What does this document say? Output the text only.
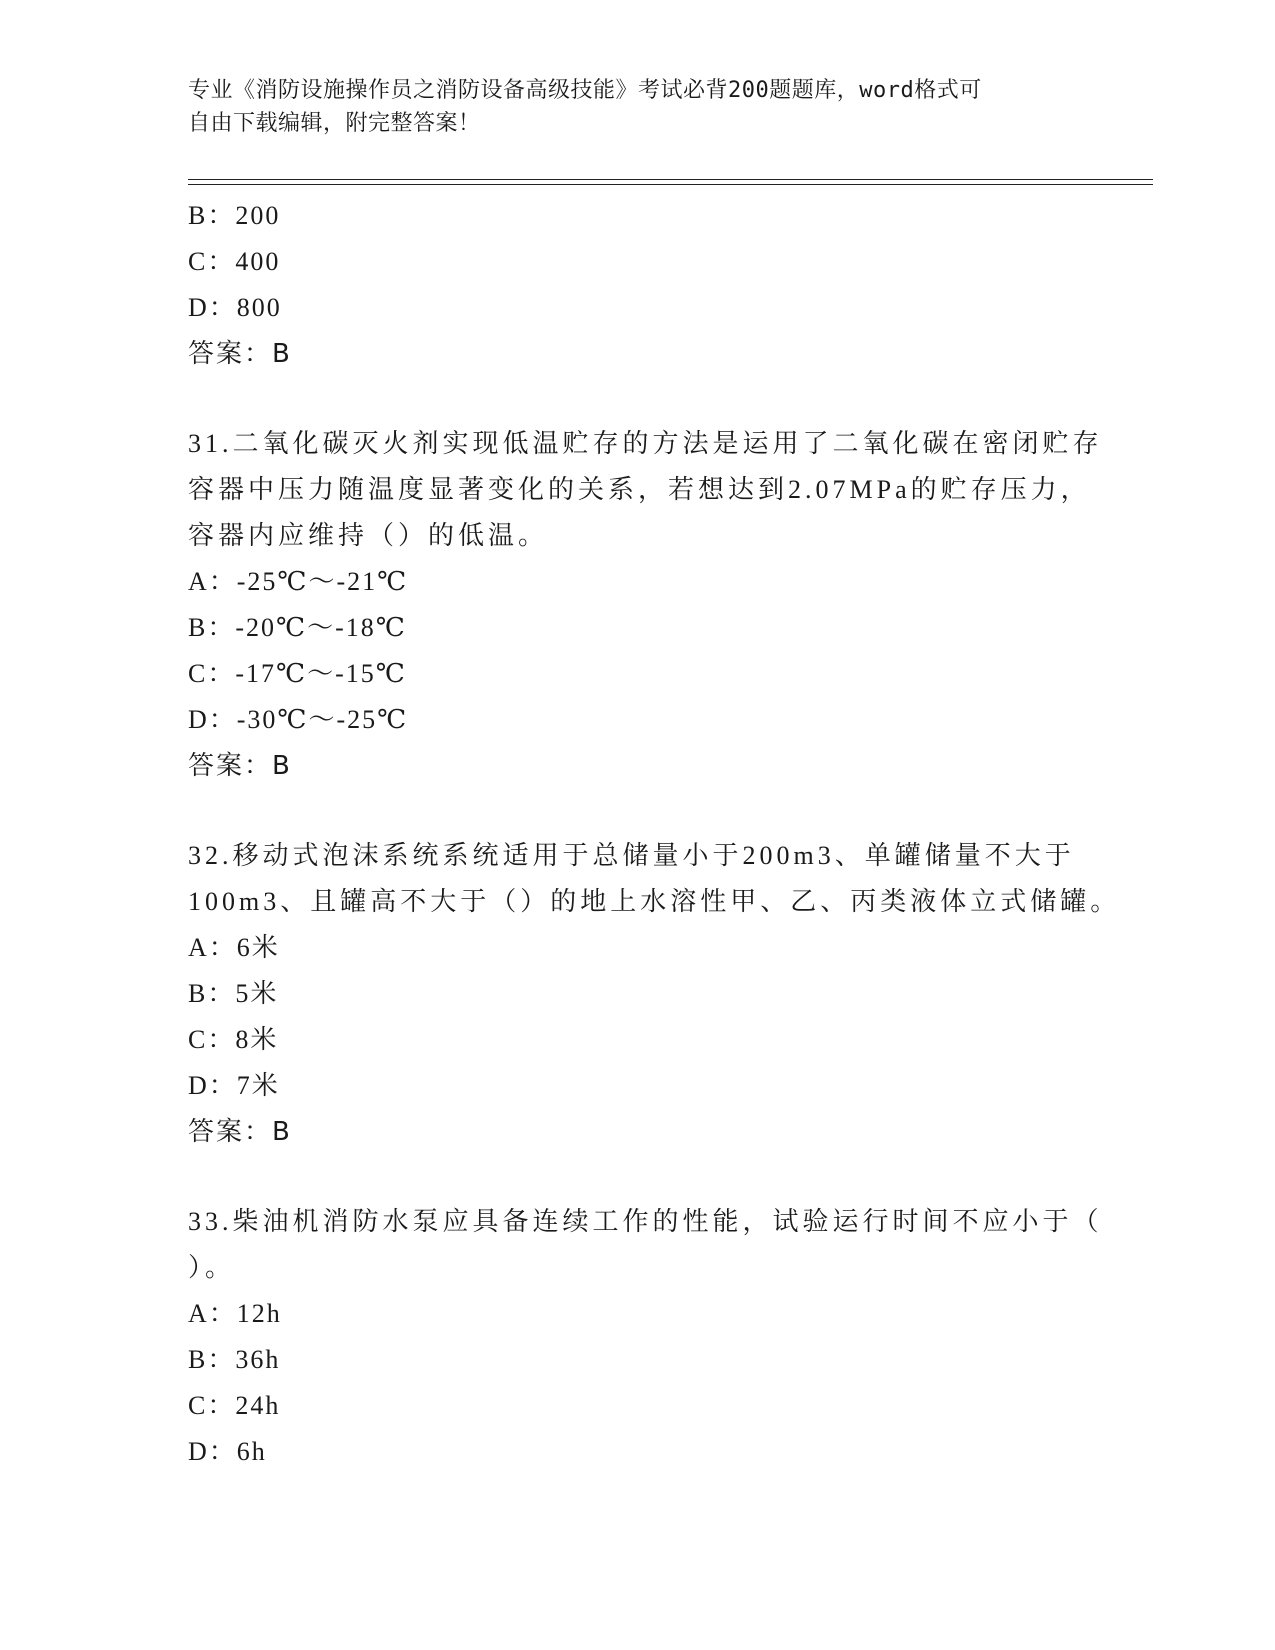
专业《消防设施操作员之消防设备高级技能》考试必背200题题库，word格式可
自由下载编辑，附完整答案！
B：200
C：400
D：800
答案：B
31.二氧化碳灭火剂实现低温贮存的方法是运用了二氧化碳在密闭贮存
容器中压力随温度显著变化的关系，若想达到2.07MPa的贮存压力，
容器内应维持（）的低温。
A：-25℃～-21℃
B：-20℃～-18℃
C：-17℃～-15℃
D：-30℃～-25℃
答案：B
32.移动式泡沫系统系统适用于总储量小于200m3、单罐储量不大于
100m3、且罐高不大于（）的地上水溶性甲、乙、丙类液体立式储罐。
A：6米
B：5米
C：8米
D：7米
答案：B
33.柴油机消防水泵应具备连续工作的性能，试验运行时间不应小于（
）。
A：12h
B：36h
C：24h
D：6h
